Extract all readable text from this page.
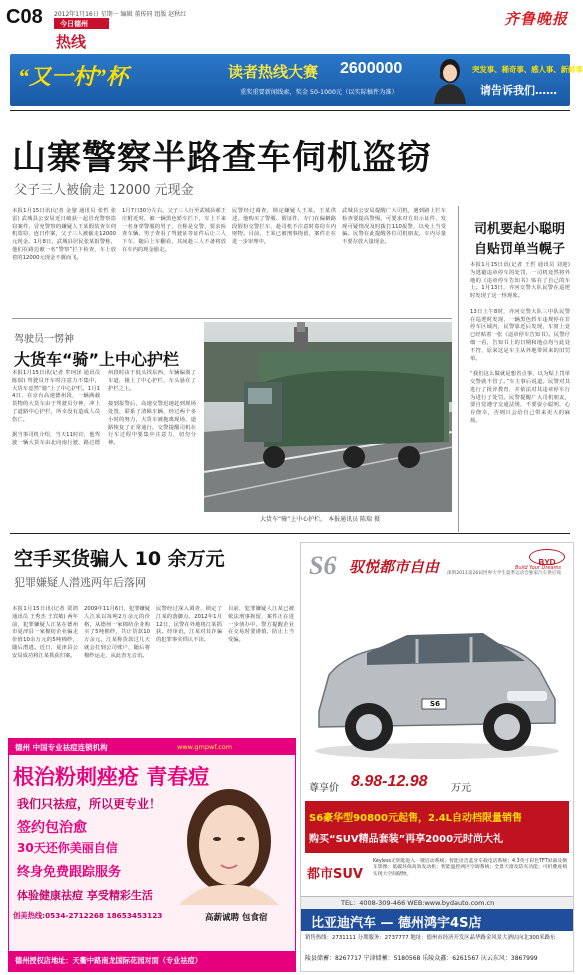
C08 2012年1月16日 星期一 编辑 董传同 组版 赵秋红
今日德州
热线
齐鲁晚报
“又一村”杯	读者热线大赛 2600000
重奖重要新闻线索，奖金 50-1000元（以实际稿件为准）
突发事、稀奇事、感人事、新鲜事
请告诉我们……
山寨警察半路查车伺机盗窃
父子三人被偷走 12000 元现金
本报1月15日讯(记者 金鋆 通讯员 张哲 张雷) 武城县公安局近日破获一起冒充警察盗窃案件，冒充警察的嫌疑人王某假装查车伺机盗窃，连日作案，父子三人被偷走12000元现金。1月8日，武城县居民张某报警称，他们在路边被一名“警察”拦下检查，车上放着的12000元现金不翼而飞。
1月7日30分左右，父子三人行至武城县郝王庄附近时，被一辆黑色轿车拦下，车上下来一名身穿警服的男子，自称是交警，要求检查车辆。男子查看了驾驶证等证件后让三人下车，随后上车翻看，其间趁三人不备将放在车内的现金偷走。
民警经过调查，锁定嫌疑人王某。王某供述，他购买了警服、假证件，专门在偏僻路段假扮交警拦车，趁司机不注意时盗窃车内财物。目前，王某已被刑事拘留，案件正在进一步审理中。
武城县公安局提醒广大司机，遇到路上拦车检查要提高警惕，可要求对方出示证件，发现可疑情况及时拨打110报警，以免上当受骗。民警在此提醒各位司机朋友，车内尽量不要存放大量现金。
司机要起小聪明
自贴罚单当幌子
本报1月15日讯(记者 王哲 通讯员 刘迎) 为逃避违章停车的处罚，一司机竟然将外地的《违章停车告知书》贴在了自己的车上。1月13日，齐河交警大队民警在巡逻时发现了这一怪现象。

13日上午8时，齐河交警大队三中队民警在巡逻时发现，一辆黑色轿车违规停在非停车区域内，民警靠近后发现，车窗上竟已经贴着一张《违章停车告知书》。民警仔细一看，告知书上的日期和地点均与此处不符，原来这是车主从外地带回来的旧罚单。

“我们这么做就是想省点事，以为贴上罚单交警就不管了。”车主事后说道。民警对其进行了批评教育，并依法对其违章停车行为进行了处罚。民警提醒广大司机朋友，要自觉遵守交通法规，不要耍小聪明，心存侥幸，否则只会给自己带来更大的麻烦。
驾驶员一愣神
大货车“骑”上中心护栏
本报1月15日讯(记者 牟珂泽 通讯员 陈瑞) 驾驶员开车时注意力不集中，大货车竟然“骑”上了中心护栏。1月14日，在京台高速德州段，一辆满载货物的大货车由于驾驶员分神，冲上了道路中心护栏，所幸没有造成人员伤亡。

据当事司机介绍，当天11时许，他驾驶一辆大货车由北向南行驶，路过德州段时由于低头找东西，车辆偏离了车道，撞上了中心护栏，车头悬在了护栏之上。

接到报警后，高速交警迅速赶到现场处置，联系了清障车辆，经过两个多小时的努力，大货车被拖离现场，道路恢复了正常通行。交警提醒司机在行车过程中要集中注意力，切勿分神。
大货车“骑”上中心护栏。 本报通讯员 陈瑞 摄
空手买货骗人 10 余万元
犯罪嫌疑人潜逃两年后落网
本报1月15日讯(记者 贾鸿 通讯员 王秀杰 王宾敏) 两年前，犯罪嫌疑人江某在德州市夏津县一家棉纺企业骗走价值10余万元的5吨棉纱，随后潜逃。近日，夏津县公安局成功将江某抓获归案。
2009年11月6日，犯罪嫌疑人江某以每吨2万余元的价格，从德州一家棉纺企业购买了5吨棉纱，共计货款10万余元。江某称货款过几天就会打到公司账户，随后将棉纱运走，从此杳无音讯。
民警经过深入调查，锁定了江某的落脚点。2012年1月12日，民警在外地将江某抓获。经审讯，江某对其诈骗的犯罪事实供认不讳。
目前，犯罪嫌疑人江某已被依法刑事拘留，案件正在进一步侦办中。警方提醒企业在交易时要谨慎，防止上当受骗。
德州 中国专业祛痘连锁机构	www.gmpwf.com
根治粉刺痤疮 青春痘
我们只祛痘，所以更专业！
签约包治愈
30天还你美丽自信
终身免费跟踪服务
体验健康祛痘 享受精彩生活
创美热线:0534-2712268 18653453123	高薪诚聘 包食宿
德州授权店地址：天衢中路南龙国际花园对面（专业祛痘）
S6 驭悦都市自由	BYD
Build Your Dreams
深圳2011第26届世界大学生夏季运动会独家汽车供应商
S6
尊享价 8.98-12.98 万元
S6豪华型90800元起售，2.4L自动档限量销售
购买“SUV精品套装”再享2000元时尚大礼
都市SUV
Keyless无钥匙进入一键启动系统；智能语音蓝牙车载电话系统；4.3英寸彩色TFT屏幕及倒车影像；低碳环保高效发动机；智能温控两区空调系统；全景天窗及防夹功能；可折叠座椅实现大空间储物。
TEL：4008-309-466 WEB:www.bydauto.com.cn
比亚迪汽车 — 德州鸿宇4S店
销售热线：2731111 分期服务：2737777 地址：德州市经济开发区晶华路金风景大酒店向北300米路东
陵县储蓄：8267717 宁津储蓄：5180568 乐陵众鑫：6261567 庆云东风：3867999
